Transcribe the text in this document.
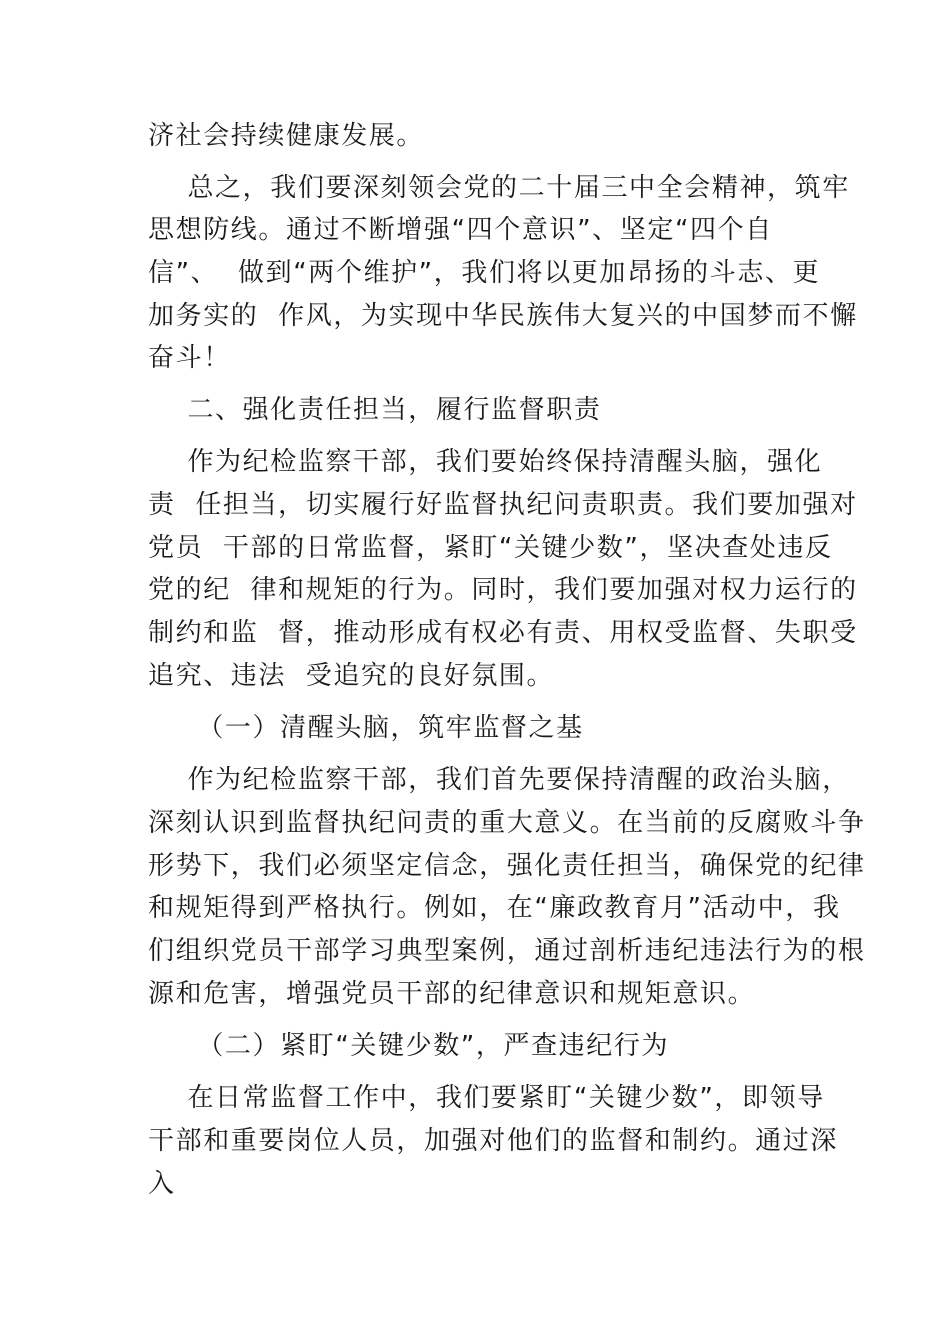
济社会持续健康发展。

总之，我们要深刻领会党的二十届三中全会精神，筑牢

思想防线。通过不断增强“四个意识”、坚定“四个自

信”、  做到“两个维护”，我们将以更加昂扬的斗志、更

加务实的  作风，为实现中华民族伟大复兴的中国梦而不懈

奋斗！

二、强化责任担当，履行监督职责

作为纪检监察干部，我们要始终保持清醒头脑，强化

责  任担当，切实履行好监督执纪问责职责。我们要加强对

党员  干部的日常监督，紧盯“关键少数”，坚决查处违反

党的纪  律和规矩的行为。同时，我们要加强对权力运行的

制约和监  督，推动形成有权必有责、用权受监督、失职受

追究、违法  受追究的良好氛围。

（一）清醒头脑，筑牢监督之基

作为纪检监察干部，我们首先要保持清醒的政治头脑，

深刻认识到监督执纪问责的重大意义。在当前的反腐败斗争

形势下，我们必须坚定信念，强化责任担当，确保党的纪律

和规矩得到严格执行。例如，在“廉政教育月”活动中，我

们组织党员干部学习典型案例，通过剖析违纪违法行为的根

源和危害，增强党员干部的纪律意识和规矩意识。

（二）紧盯“关键少数”，严查违纪行为

在日常监督工作中，我们要紧盯“关键少数”，即领导

干部和重要岗位人员，加强对他们的监督和制约。通过深

入
